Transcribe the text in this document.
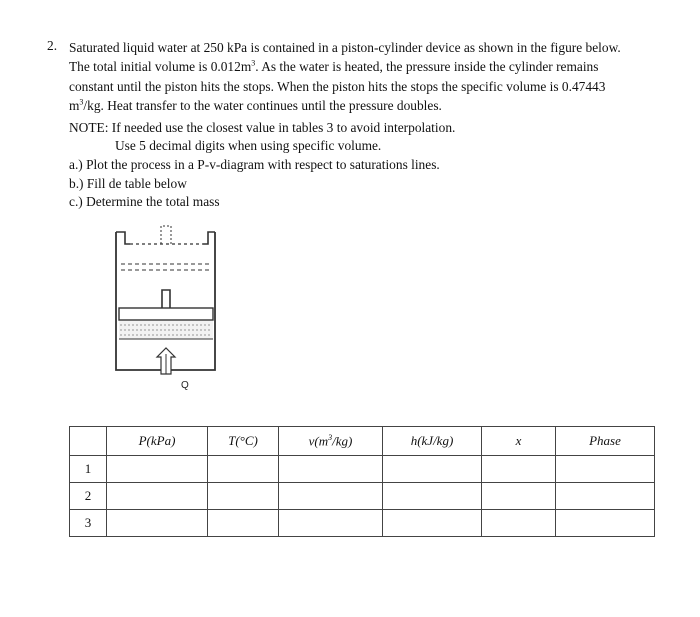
2. Saturated liquid water at 250 kPa is contained in a piston-cylinder device as shown in the figure below.
The total initial volume is $0.012m^3$. As the water is heated, the pressure inside the cylinder remains
constant until the piston hits the stops. When the piston hits the stops the specific volume is 0.47443
$m^3/kg$. Heat transfer to the water continues until the pressure doubles.
NOTE: If needed use the closest value in tables 3 to avoid interpolation.
Use 5 decimal digits when using specific volume.
a.) Plot the process in a P-v-diagram with respect to saturations lines.
b.) Fill de table below
c.) Determine the total mass
Q
	P(kPa)	T(°C)	$v(m^3/kg)$	h(kJ/kg)	x	Phase
1						
2						
3						
